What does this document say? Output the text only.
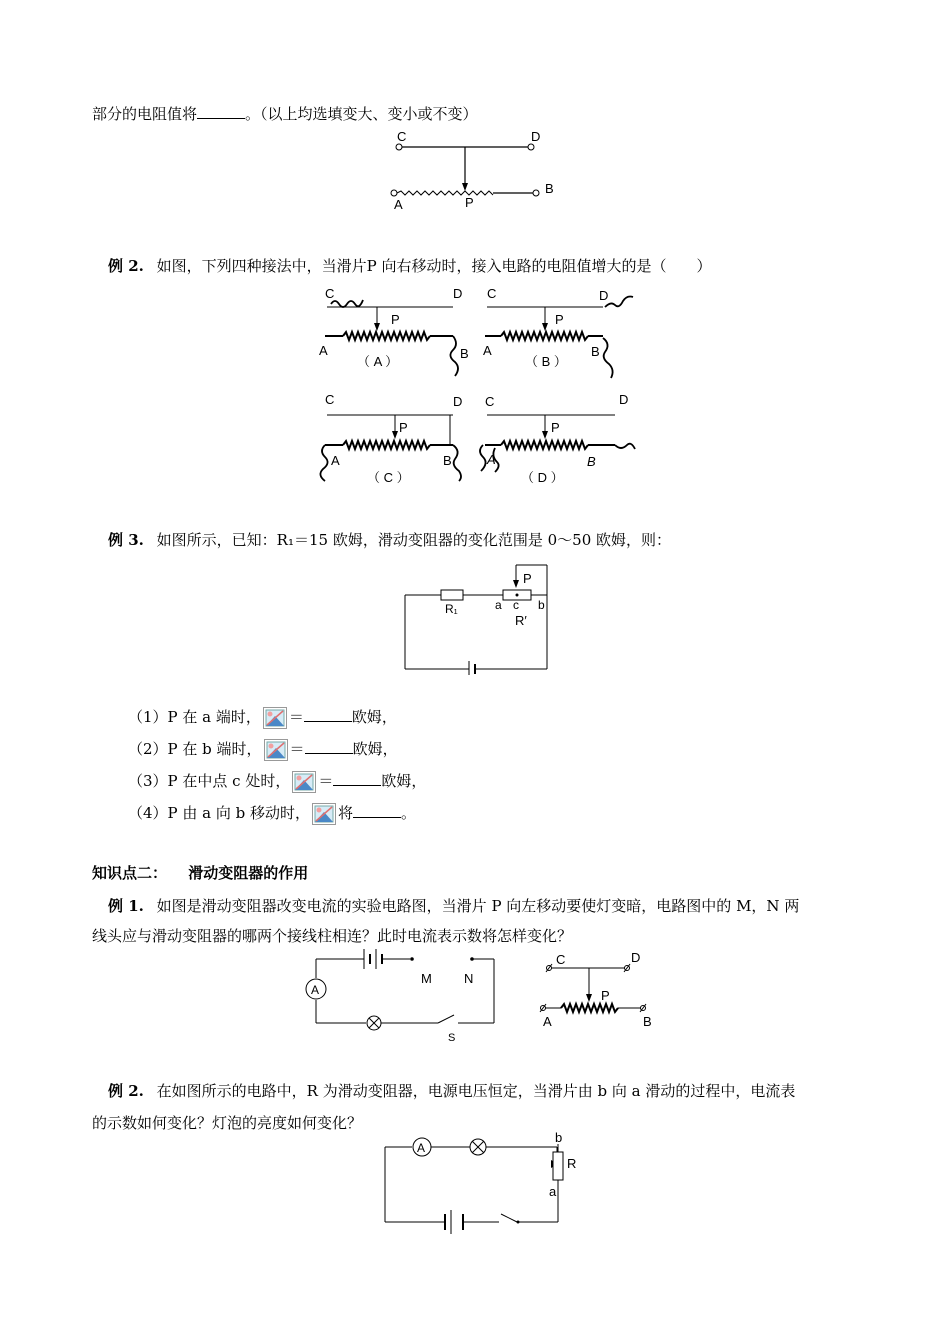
部分的电阻值将	。（以上均选填变大、变小或不变）
C	D
A	P
B
例 2. 如图，下列四种接法中，当滑片P 向右移动时，接入电路的电阻值增大的是（　　）
C	D
A	B
P
（ A ）
C	D
A	B
P
（ B ）
C	D
A	B
P
（ C ）
C	D
A	B
P
（ D ）
例 3. 如图所示，已知：R₁＝15 欧姆，滑动变阻器的变化范围是 0～50 欧姆，则：
P
R₁	a c b
R′
（1）P 在 a 端时， ＝	欧姆，
（2）P 在 b 端时， ＝	欧姆，
（3）P 在中点 c 处时， ＝	欧姆，
（4）P 由 a 向 b 移动时， 将	。
知识点二： 滑动变阻器的作用
例 1. 如图是滑动变阻器改变电流的实验电路图，当滑片 P 向左移动要使灯变暗，电路图中的 M，N 两
线头应与滑动变阻器的哪两个接线柱相连？此时电流表示数将怎样变化？
M N
A
S
C	D
P
A	B
例 2. 在如图所示的电路中，R 为滑动变阻器，电源电压恒定，当滑片由 b 向 a 滑动的过程中，电流表
的示数如何变化？灯泡的亮度如何变化？
A
b
R
a
